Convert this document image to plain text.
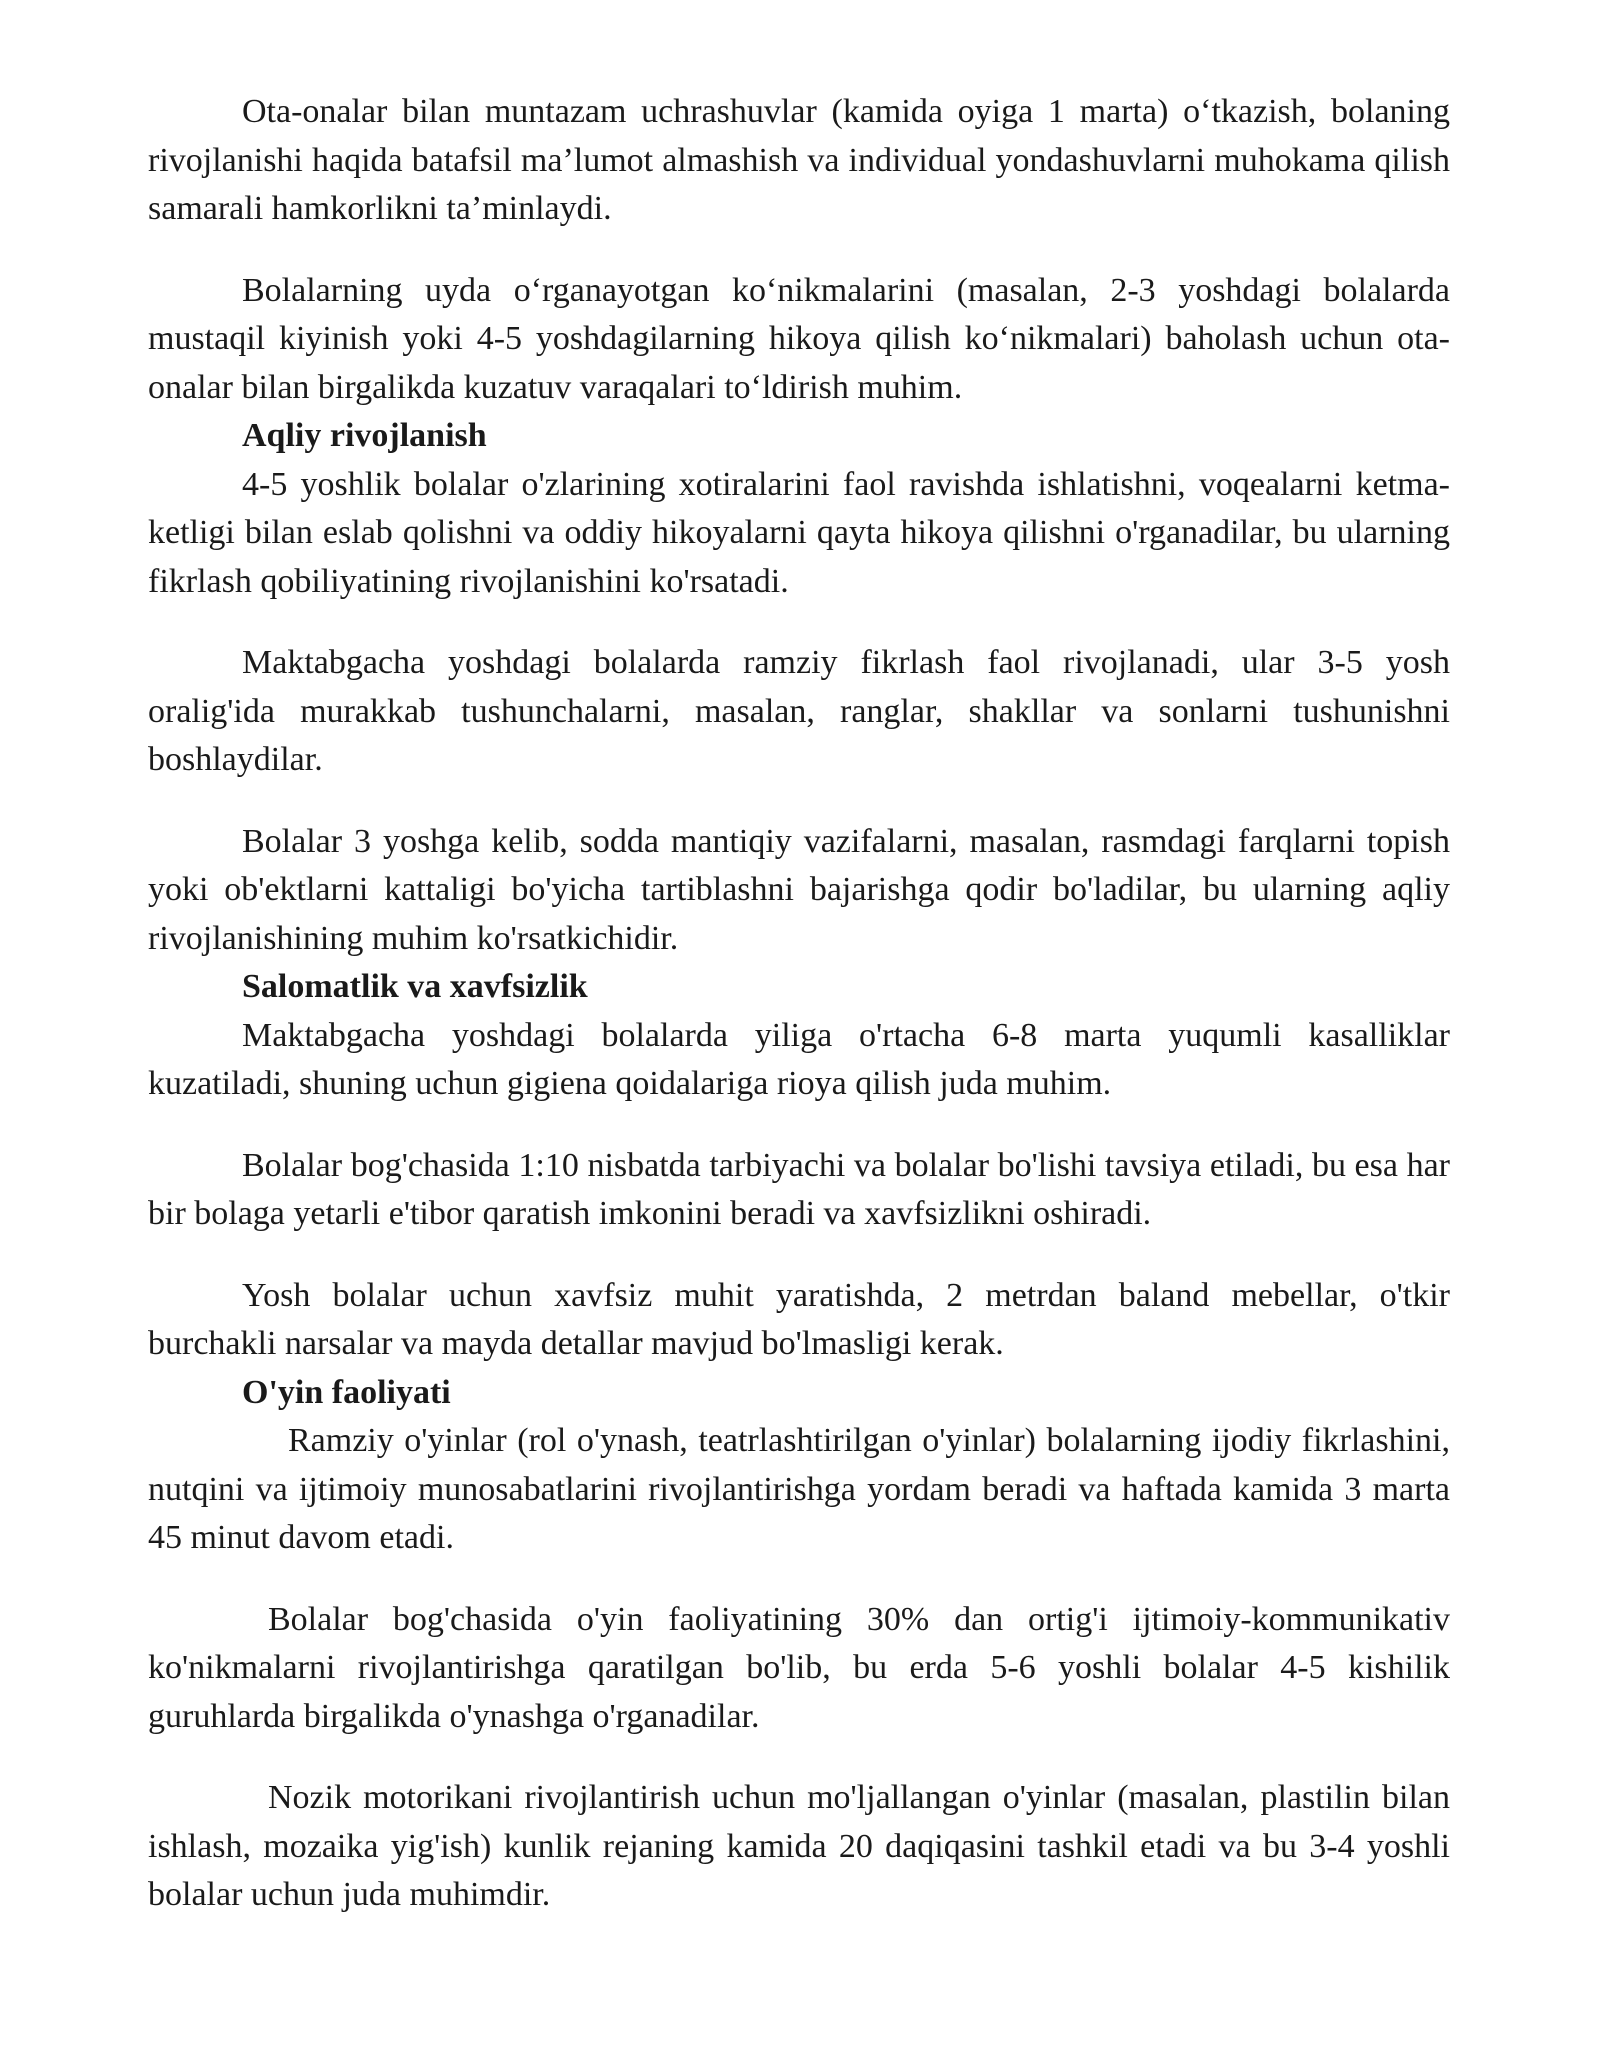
Ota-onalar bilan muntazam uchrashuvlar (kamida oyiga 1 marta) o‘tkazish, bolaning rivojlanishi haqida batafsil ma’lumot almashish va individual yondashuvlarni muhokama qilish samarali hamkorlikni ta’minlaydi.

Bolalarning uyda o‘rganayotgan ko‘nikmalarini (masalan, 2-3 yoshdagi bolalarda mustaqil kiyinish yoki 4-5 yoshdagilarning hikoya qilish ko‘nikmalari) baholash uchun ota-onalar bilan birgalikda kuzatuv varaqalari to‘ldirish muhim.

Aqliy rivojlanish

4-5 yoshlik bolalar o'zlarining xotiralarini faol ravishda ishlatishni, voqealarni ketma-ketligi bilan eslab qolishni va oddiy hikoyalarni qayta hikoya qilishni o'rganadilar, bu ularning fikrlash qobiliyatining rivojlanishini ko'rsatadi.

Maktabgacha yoshdagi bolalarda ramziy fikrlash faol rivojlanadi, ular 3-5 yosh oralig'ida murakkab tushunchalarni, masalan, ranglar, shakllar va sonlarni tushunishni boshlaydilar.

Bolalar 3 yoshga kelib, sodda mantiqiy vazifalarni, masalan, rasmdagi farqlarni topish yoki ob'ektlarni kattaligi bo'yicha tartiblashni bajarishga qodir bo'ladilar, bu ularning aqliy rivojlanishining muhim ko'rsatkichidir.

Salomatlik va xavfsizlik

Maktabgacha yoshdagi bolalarda yiliga o'rtacha 6-8 marta yuqumli kasalliklar kuzatiladi, shuning uchun gigiena qoidalariga rioya qilish juda muhim.

Bolalar bog'chasida 1:10 nisbatda tarbiyachi va bolalar bo'lishi tavsiya etiladi, bu esa har bir bolaga yetarli e'tibor qaratish imkonini beradi va xavfsizlikni oshiradi.

Yosh bolalar uchun xavfsiz muhit yaratishda, 2 metrdan baland mebellar, o'tkir burchakli narsalar va mayda detallar mavjud bo'lmasligi kerak.

O'yin faoliyati

Ramziy o'yinlar (rol o'ynash, teatrlashtirilgan o'yinlar) bolalarning ijodiy fikrlashini, nutqini va ijtimoiy munosabatlarini rivojlantirishga yordam beradi va haftada kamida 3 marta 45 minut davom etadi.

Bolalar bog'chasida o'yin faoliyatining 30% dan ortig'i ijtimoiy-kommunikativ ko'nikmalarni rivojlantirishga qaratilgan bo'lib, bu erda 5-6 yoshli bolalar 4-5 kishilik guruhlarda birgalikda o'ynashga o'rganadilar.

Nozik motorikani rivojlantirish uchun mo'ljallangan o'yinlar (masalan, plastilin bilan ishlash, mozaika yig'ish) kunlik rejaning kamida 20 daqiqasini tashkil etadi va bu 3-4 yoshli bolalar uchun juda muhimdir.
